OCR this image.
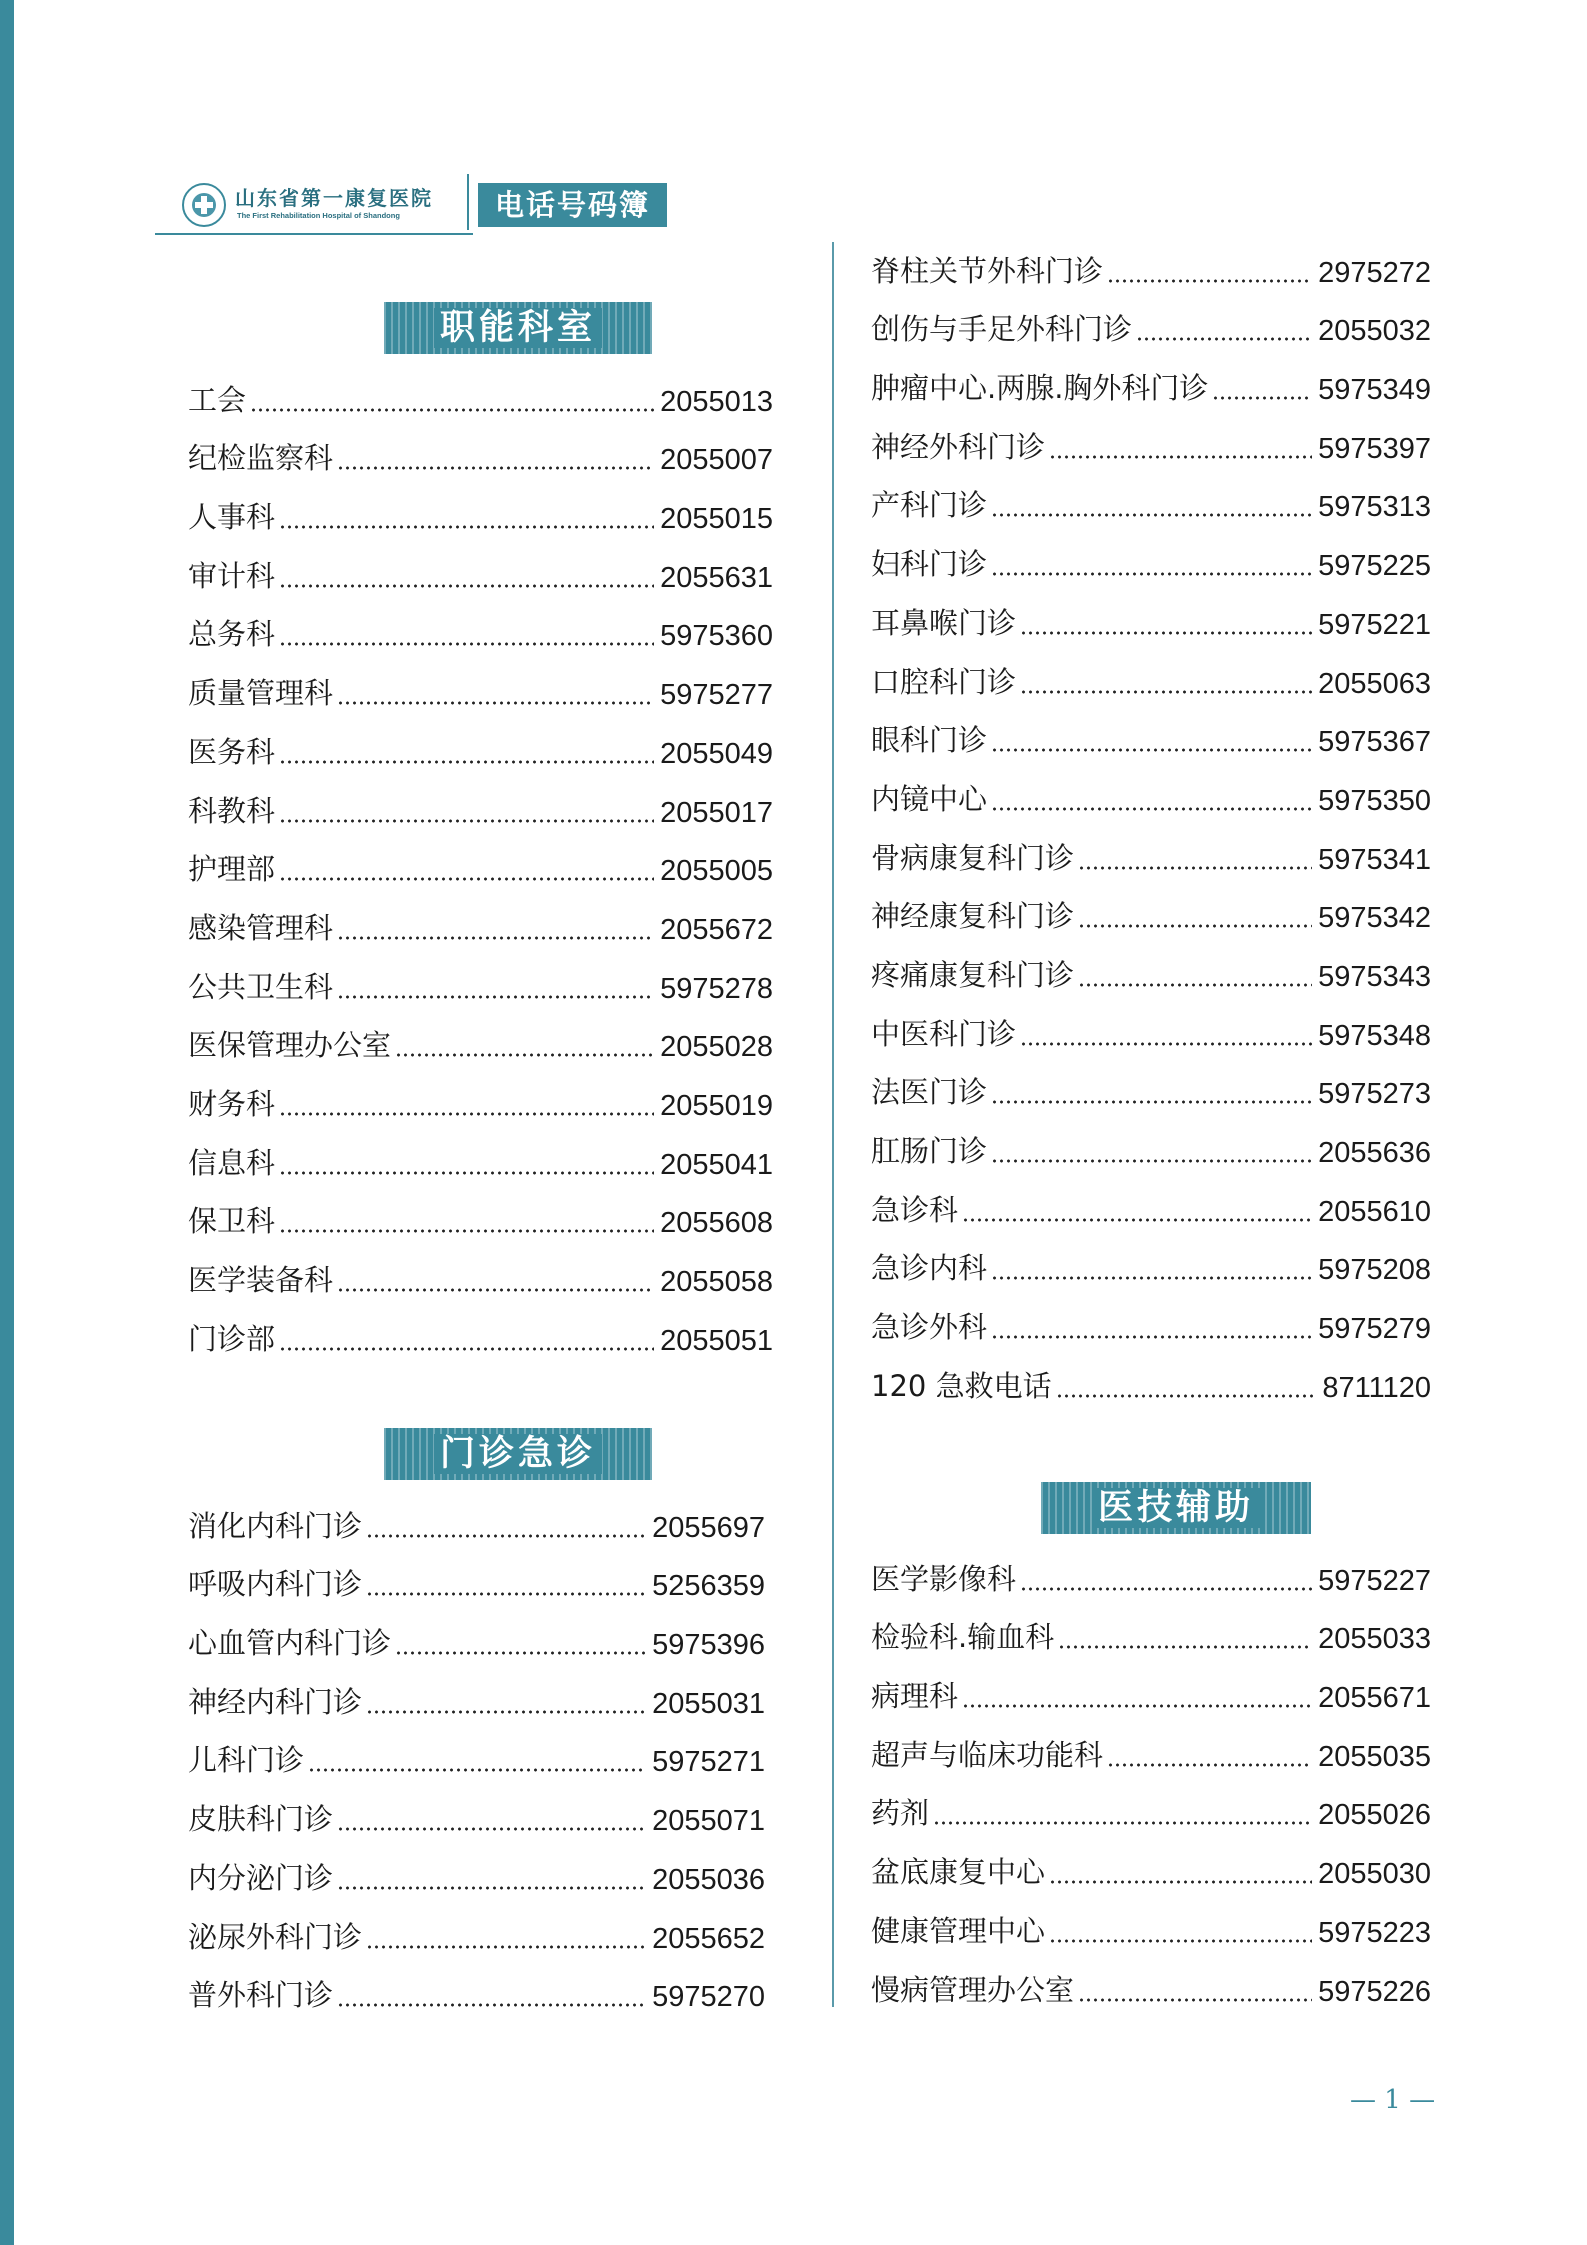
山东省第一康复医院
The First Rehabilitation Hospital of Shandong	电话号码簿
职能科室
工会	2055013
纪检监察科	2055007
人事科	2055015
审计科	2055631
总务科	5975360
质量管理科	5975277
医务科	2055049
科教科	2055017
护理部	2055005
感染管理科	2055672
公共卫生科	5975278
医保管理办公室	2055028
财务科	2055019
信息科	2055041
保卫科	2055608
医学装备科	2055058
门诊部	2055051
门诊急诊
消化内科门诊	2055697
呼吸内科门诊	5256359
心血管内科门诊	5975396
神经内科门诊	2055031
儿科门诊	5975271
皮肤科门诊	2055071
内分泌门诊	2055036
泌尿外科门诊	2055652
普外科门诊	5975270
脊柱关节外科门诊	2975272
创伤与手足外科门诊	2055032
肿瘤中心.两腺.胸外科门诊	5975349
神经外科门诊	5975397
产科门诊	5975313
妇科门诊	5975225
耳鼻喉门诊	5975221
口腔科门诊	2055063
眼科门诊	5975367
内镜中心	5975350
骨病康复科门诊	5975341
神经康复科门诊	5975342
疼痛康复科门诊	5975343
中医科门诊	5975348
法医门诊	5975273
肛肠门诊	2055636
急诊科	2055610
急诊内科	5975208
急诊外科	5975279
120 急救电话	8711120
医技辅助
医学影像科	5975227
检验科.输血科	2055033
病理科	2055671
超声与临床功能科	2055035
药剂	2055026
盆底康复中心	2055030
健康管理中心	5975223
慢病管理办公室	5975226
— 1 —
